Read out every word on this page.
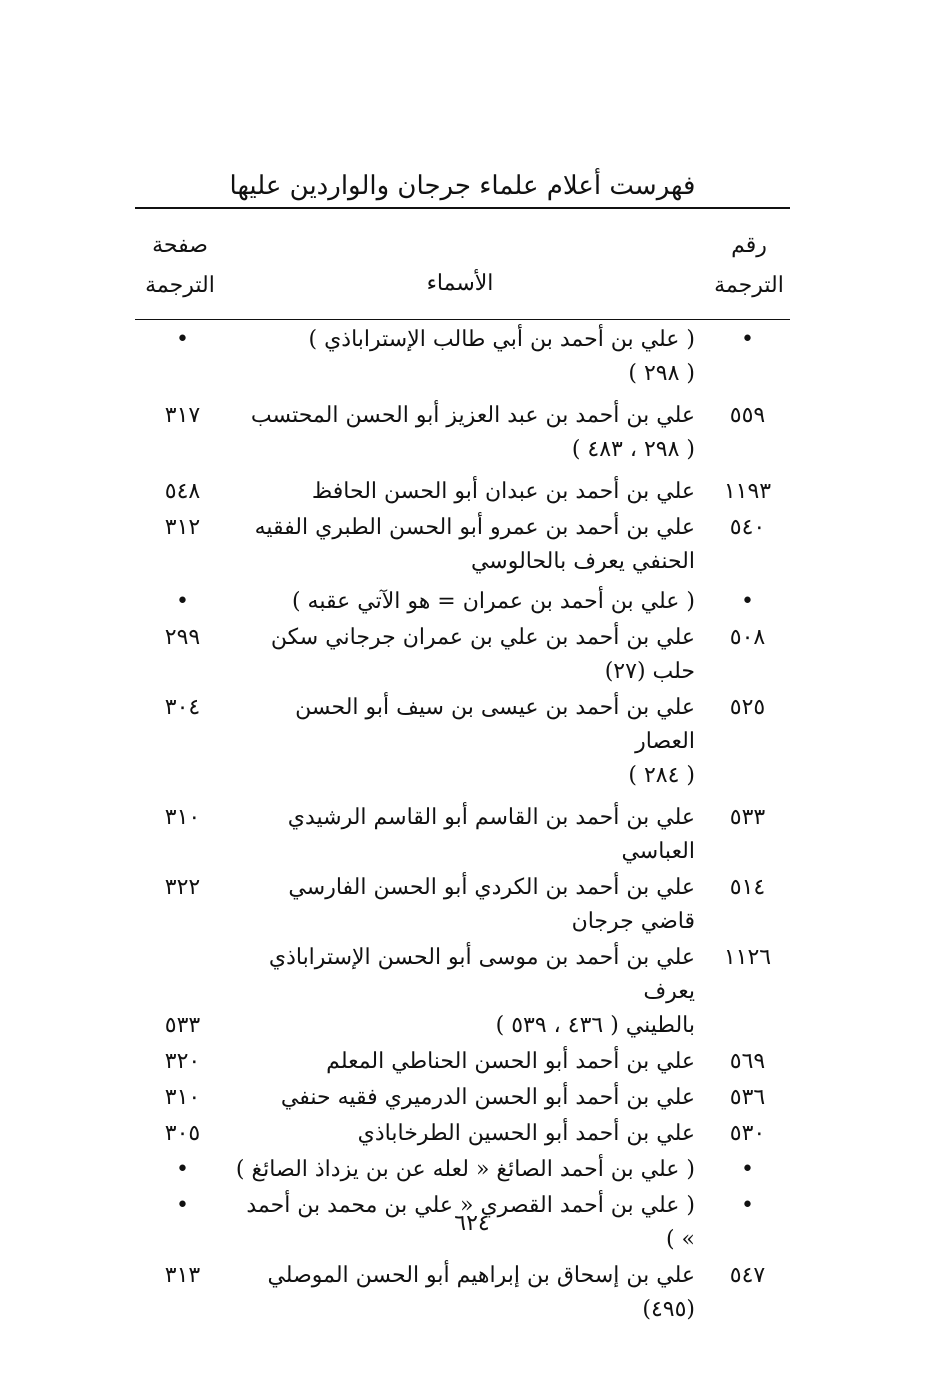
فهرست أعلام علماء جرجان والواردين عليها
رقم
الترجمة
الأسماء
صفحة
الترجمة
•
( علي بن أحمد بن أبي طالب الإستراباذي )
( ٢٩٨ )
•
٥٥٩
علي بن أحمد بن عبد العزيز أبو الحسن المحتسب
( ٢٩٨ ، ٤٨٣ )
٣١٧
١١٩٣
علي بن أحمد بن عبدان أبو الحسن الحافظ
٥٤٨
٥٤٠
علي بن أحمد بن عمرو أبو الحسن الطبري الفقيه
الحنفي يعرف بالحالوسي
٣١٢
•
( علي بن أحمد بن عمران = هو الآتي عقبه )
•
٥٠٨
علي بن أحمد بن علي بن عمران جرجاني سكن حلب (٢٧)
٢٩٩
٥٢٥
علي بن أحمد بن عيسى بن سيف أبو الحسن العصار
( ٢٨٤ )
٣٠٤
٥٣٣
علي بن أحمد بن القاسم أبو القاسم الرشيدي العباسي
٣١٠
٥١٤
علي بن أحمد بن الكردي أبو الحسن الفارسي قاضي جرجان
٣٢٢
١١٢٦
علي بن أحمد بن موسى أبو الحسن الإستراباذي يعرف
بالطيني ( ٤٣٦ ، ٥٣٩ )
٥٣٣
٥٦٩
علي بن أحمد أبو الحسن الحناطي المعلم
٣٢٠
٥٣٦
علي بن أحمد أبو الحسن الدرميري فقيه حنفي
٣١٠
٥٣٠
علي بن أحمد أبو الحسين الطرخاباذي
٣٠٥
•
( علي بن أحمد الصائغ « لعله عن بن يزداذ الصائغ )
•
•
( علي بن أحمد القصري « علي بن محمد بن أحمد » )
•
٥٤٧
علي بن إسحاق بن إبراهيم أبو الحسن الموصلي
(٤٩٥)
٣١٣
٦٢٤
